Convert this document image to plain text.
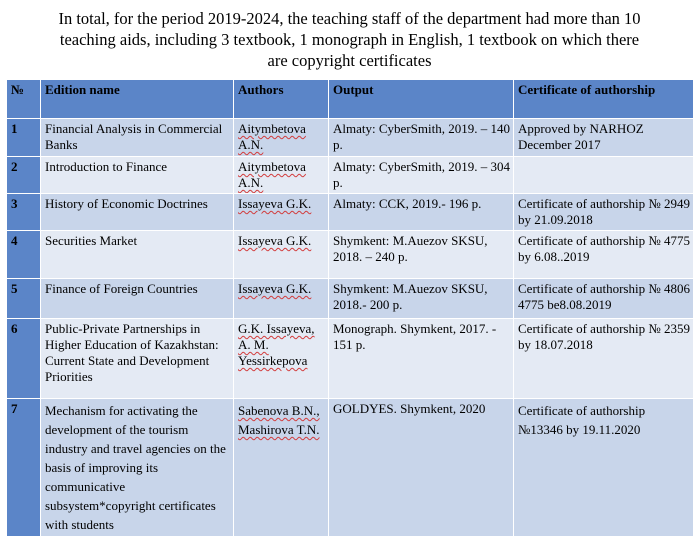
In total, for the period 2019-2024, the teaching staff of the department had more than 10
teaching aids, including 3 textbook, 1 monograph in English, 1 textbook on which there
are copyright certificates
№	Edition name	Authors	Output	Certificate of authorship
1	Financial Analysis in Commercial Banks	Aitymbetova A.N.	Almaty: CyberSmith, 2019. – 140 p.	Approved by NARHOZ December 2017
2	Introduction to Finance	Aitymbetova A.N.	Almaty: CyberSmith, 2019. – 304 p.	
3	History of Economic Doctrines	Issayeva G.K.	Almaty: CCK, 2019.- 196 p.	Certificate of authorship № 2949 by 21.09.2018
4	Securities Market	Issayeva G.K.	Shymkent: M.Auezov SKSU, 2018. – 240 p.	Certificate of authorship № 4775 by 6.08..2019
5	Finance of Foreign Countries	Issayeva G.K.	Shymkent: M.Auezov SKSU, 2018.- 200 p.	Certificate of authorship № 4806 4775 be8.08.2019
6	Public-Private Partnerships in Higher Education of Kazakhstan: Current State and Development Priorities	G.K. Issayeva, A. M. Yessirkepova	Monograph. Shymkent, 2017. - 151 p.	Certificate of authorship № 2359 by 18.07.2018
7	Mechanism for activating the development of the tourism industry and travel agencies on the basis of improving its communicative subsystem*copyright certificates with students	Sabenova B.N., Mashirova T.N.	GOLDYES. Shymkent, 2020	Certificate of authorship №13346 by 19.11.2020
